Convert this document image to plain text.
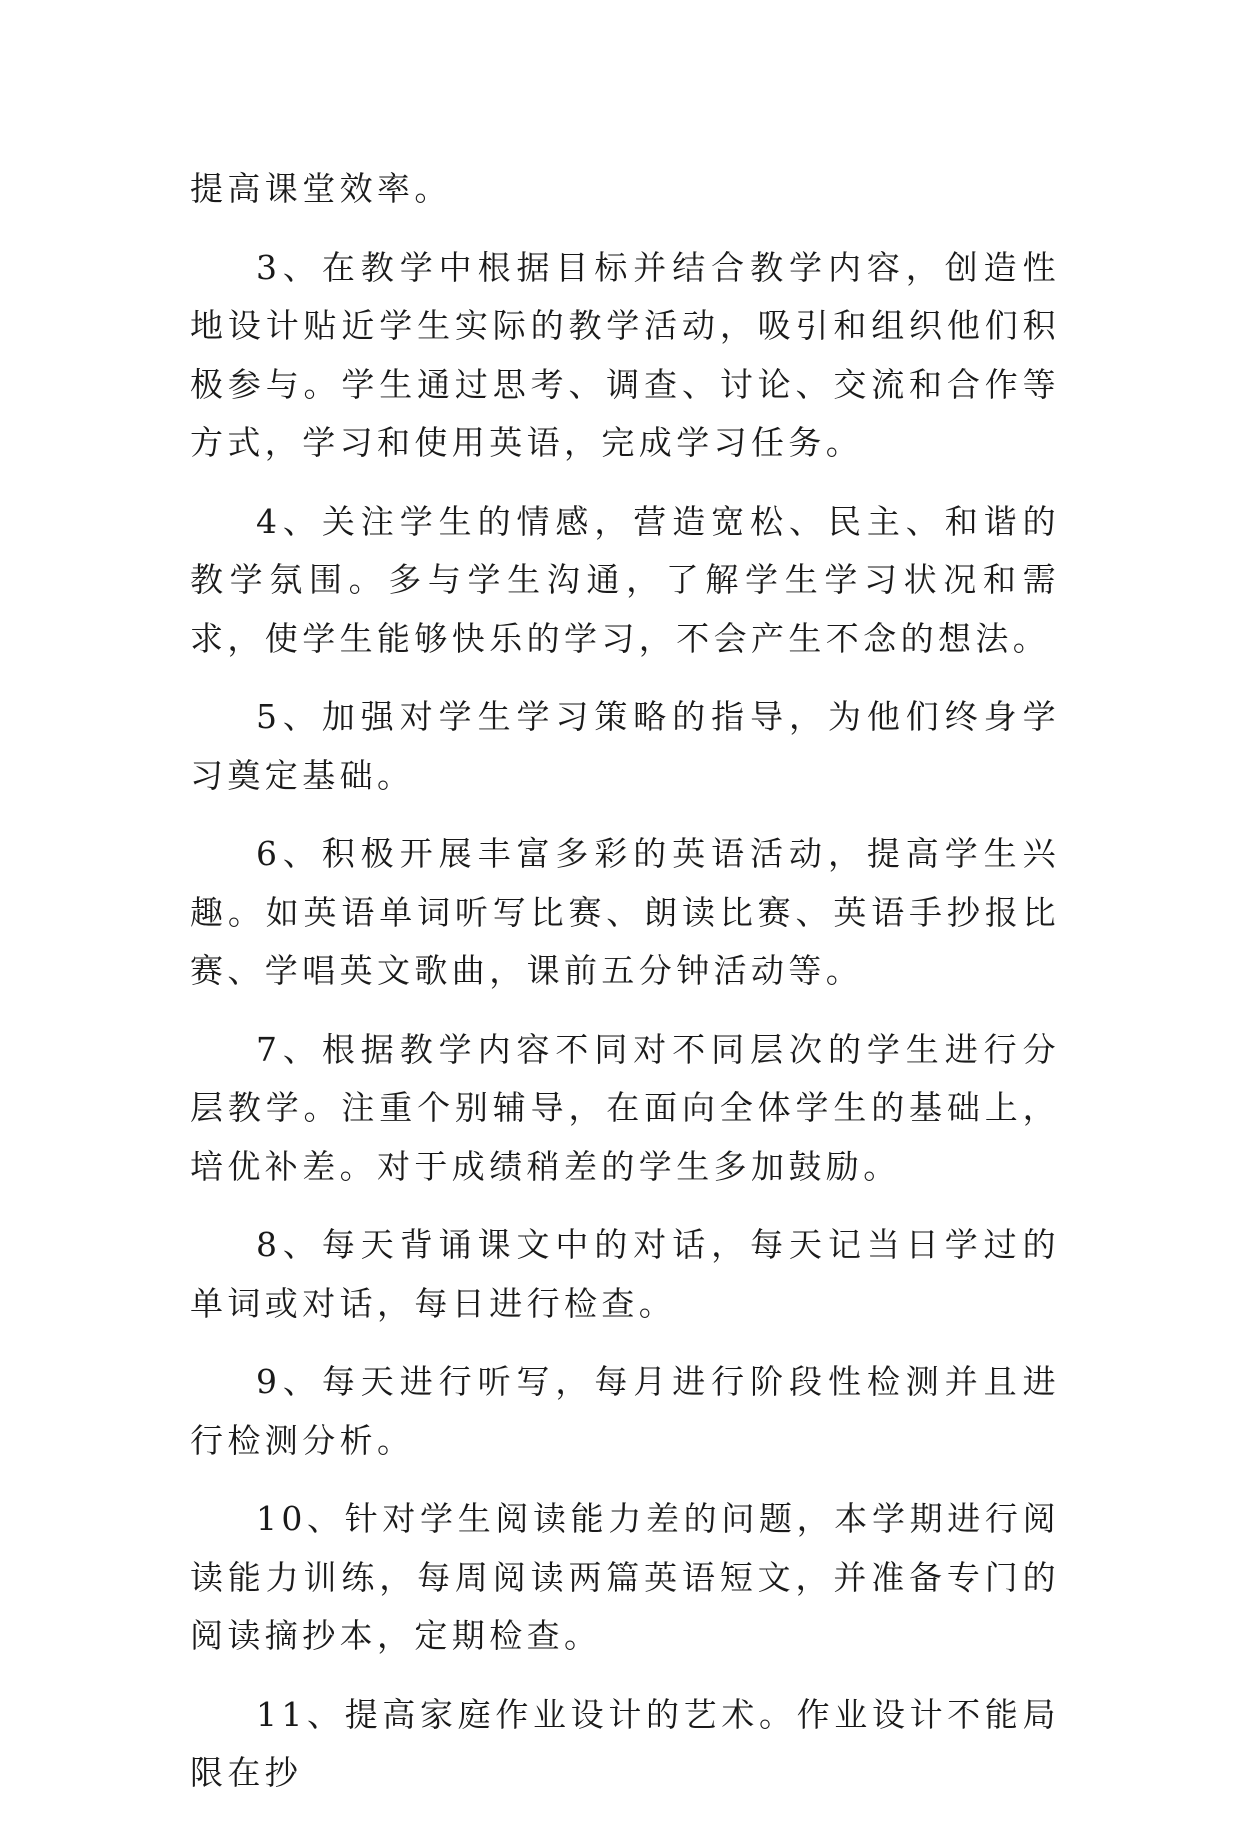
提高课堂效率。

3、在教学中根据目标并结合教学内容，创造性地设计贴近学生实际的教学活动，吸引和组织他们积极参与。学生通过思考、调查、讨论、交流和合作等方式，学习和使用英语，完成学习任务。

4、关注学生的情感，营造宽松、民主、和谐的教学氛围。多与学生沟通，了解学生学习状况和需求，使学生能够快乐的学习，不会产生不念的想法。

5、加强对学生学习策略的指导，为他们终身学习奠定基础。

6、积极开展丰富多彩的英语活动，提高学生兴趣。如英语单词听写比赛、朗读比赛、英语手抄报比赛、学唱英文歌曲，课前五分钟活动等。

7、根据教学内容不同对不同层次的学生进行分层教学。注重个别辅导，在面向全体学生的基础上，培优补差。对于成绩稍差的学生多加鼓励。

8、每天背诵课文中的对话，每天记当日学过的单词或对话，每日进行检查。

9、每天进行听写，每月进行阶段性检测并且进行检测分析。

10、针对学生阅读能力差的问题，本学期进行阅读能力训练，每周阅读两篇英语短文，并准备专门的阅读摘抄本，定期检查。

11、提高家庭作业设计的艺术。作业设计不能局限在抄
